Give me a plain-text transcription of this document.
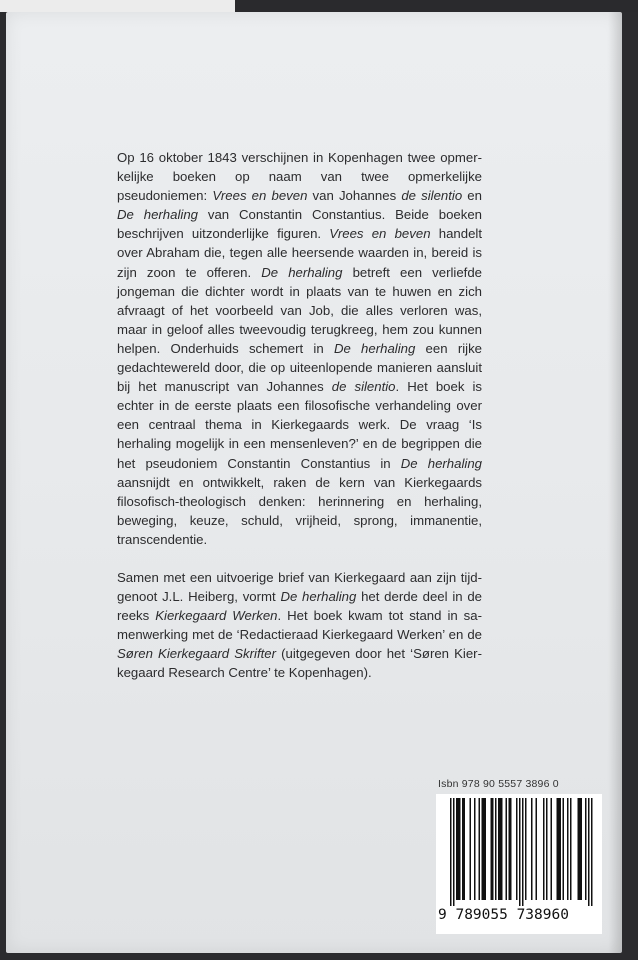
Op 16 oktober 1843 verschijnen in Kopenhagen twee opmerkelijke boeken op naam van twee opmerkelijke pseudoniemen: Vrees en beven van Johannes de silentio en De herhaling van Constantin Constantius. Beide boeken beschrijven uitzonderlijke figuren. Vrees en beven handelt over Abraham die, tegen alle heersende waarden in, bereid is zijn zoon te offeren. De herhaling betreft een verliefde jongeman die dichter wordt in plaats van te huwen en zich afvraagt of het voorbeeld van Job, die alles verloren was, maar in geloof alles tweevoudig terugkreeg, hem zou kunnen helpen. Onderhuids schemert in De herhaling een rijke gedachtewereld door, die op uiteenlopende manieren aansluit bij het manuscript van Johannes de silentio. Het boek is echter in de eerste plaats een filosofische verhandeling over een centraal thema in Kierkegaards werk. De vraag ‘Is herhaling mogelijk in een mensenleven?’ en de begrippen die het pseudoniem Constantin Constantius in De herhaling aansnijdt en ontwikkelt, raken de kern van Kierkegaards filosofisch-theologisch denken: herinnering en herhaling, beweging, keuze, schuld, vrijheid, sprong, immanentie, transcendentie.

Samen met een uitvoerige brief van Kierkegaard aan zijn tijdgenoot J.L. Heiberg, vormt De herhaling het derde deel in de reeks Kierkegaard Werken. Het boek kwam tot stand in samenwerking met de ‘Redactieraad Kierkegaard Werken’ en de Søren Kierkegaard Skrifter (uitgegeven door het ‘Søren Kierkegaard Research Centre’ te Kopenhagen).

Isbn 978 90 5557 3896 0
9 789055 738960
